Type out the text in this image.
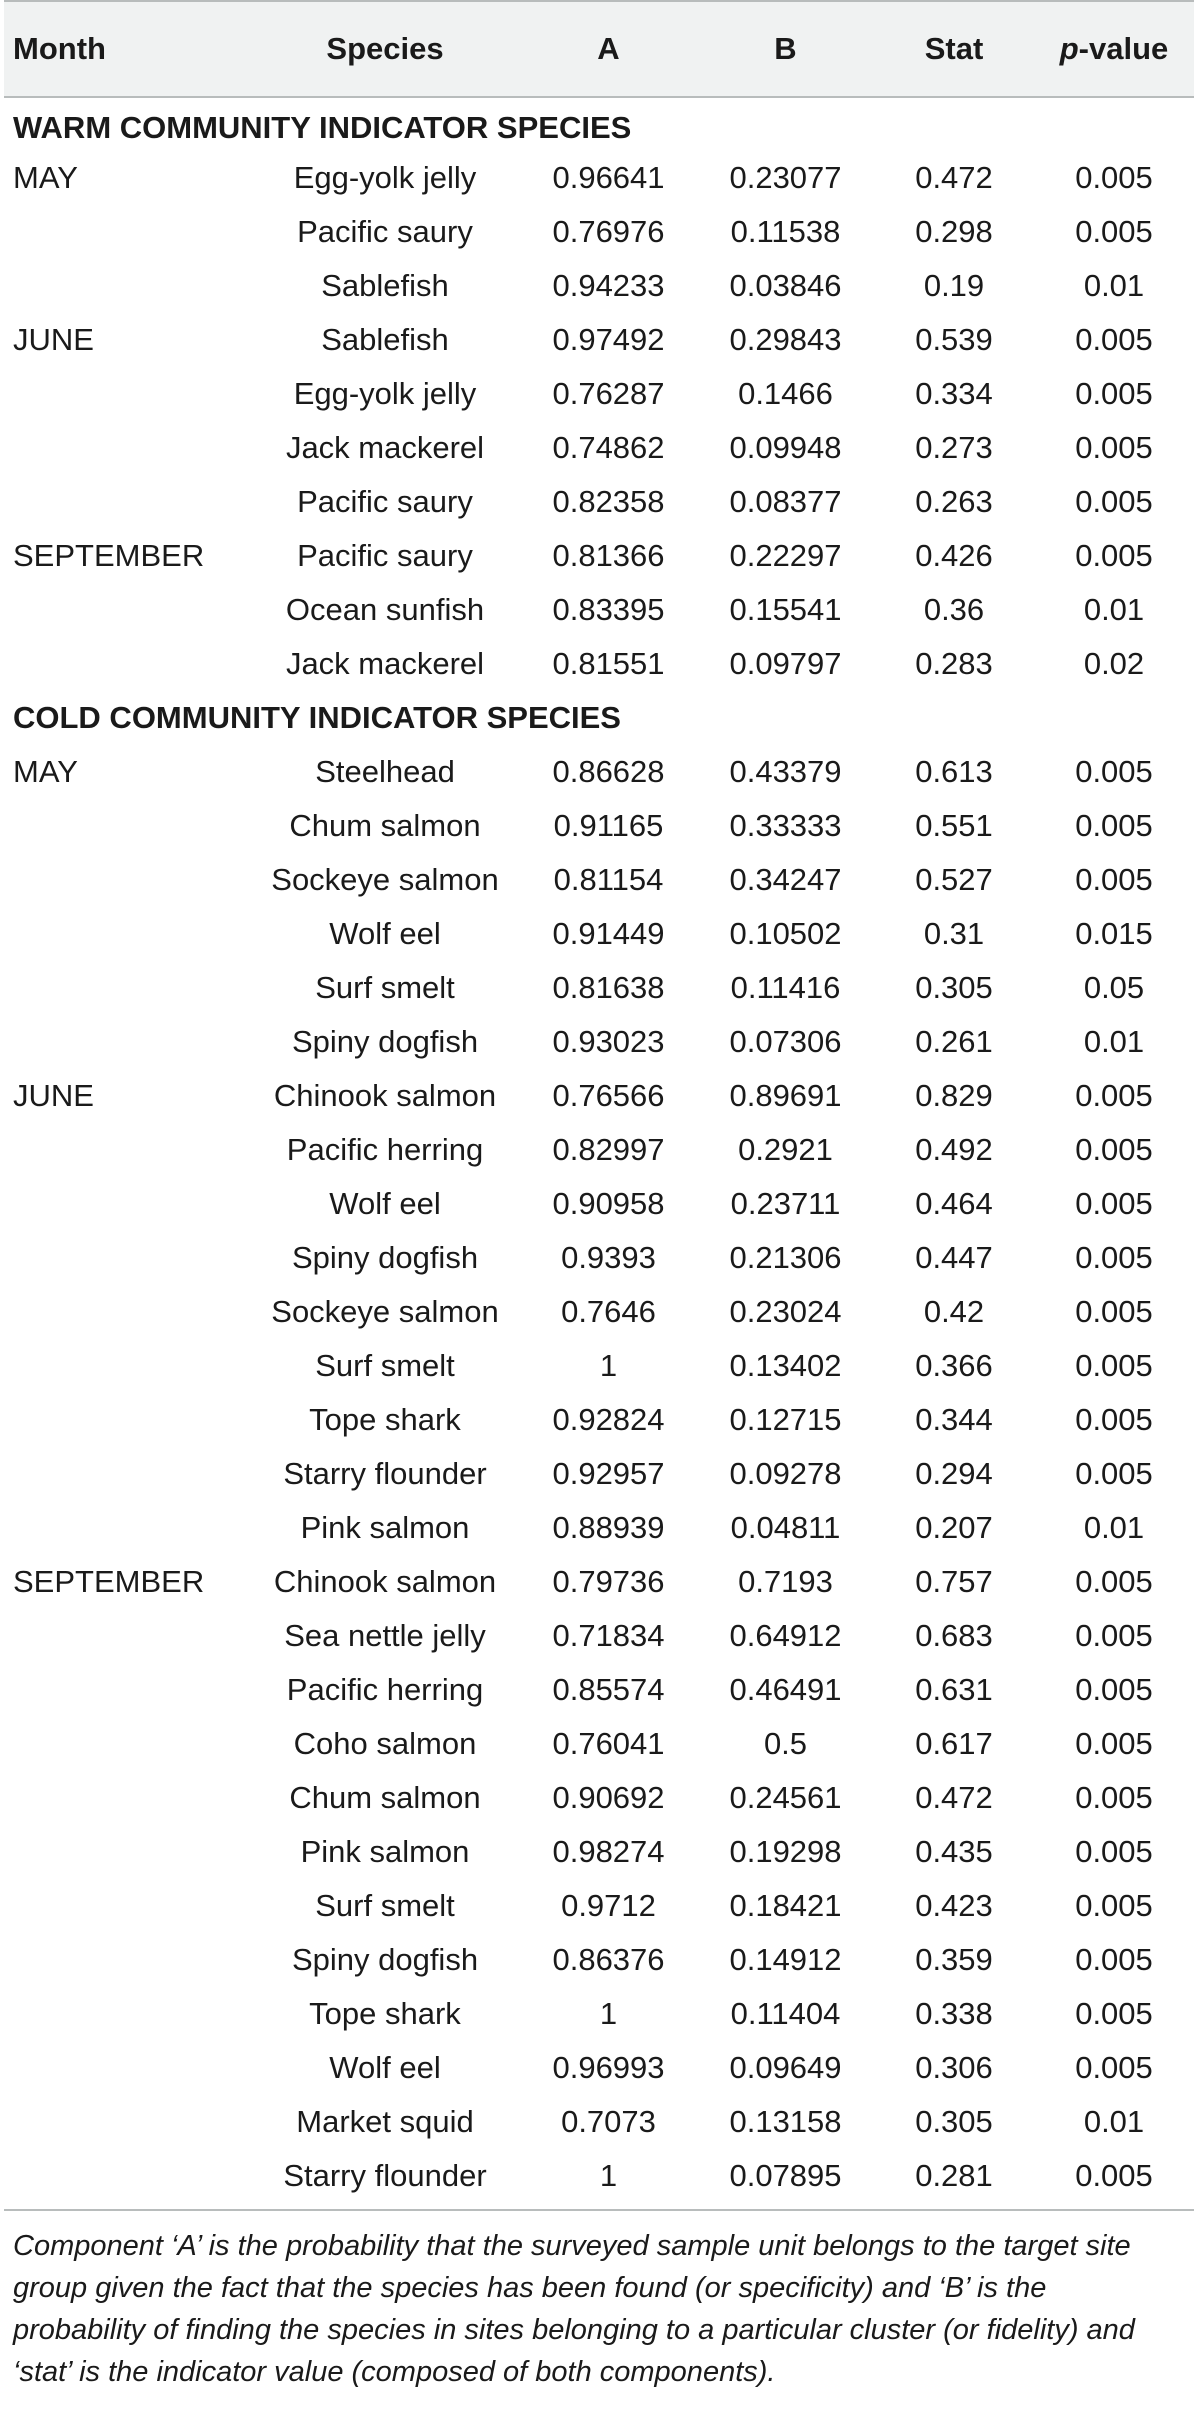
Month	Species	A	B	Stat	p-value
WARM COMMUNITY INDICATOR SPECIES					
MAY	Egg-yolk jelly	0.96641	0.23077	0.472	0.005
	Pacific saury	0.76976	0.11538	0.298	0.005
	Sablefish	0.94233	0.03846	0.19	0.01
JUNE	Sablefish	0.97492	0.29843	0.539	0.005
	Egg-yolk jelly	0.76287	0.1466	0.334	0.005
	Jack mackerel	0.74862	0.09948	0.273	0.005
	Pacific saury	0.82358	0.08377	0.263	0.005
SEPTEMBER	Pacific saury	0.81366	0.22297	0.426	0.005
	Ocean sunfish	0.83395	0.15541	0.36	0.01
	Jack mackerel	0.81551	0.09797	0.283	0.02
COLD COMMUNITY INDICATOR SPECIES					
MAY	Steelhead	0.86628	0.43379	0.613	0.005
	Chum salmon	0.91165	0.33333	0.551	0.005
	Sockeye salmon	0.81154	0.34247	0.527	0.005
	Wolf eel	0.91449	0.10502	0.31	0.015
	Surf smelt	0.81638	0.11416	0.305	0.05
	Spiny dogfish	0.93023	0.07306	0.261	0.01
JUNE	Chinook salmon	0.76566	0.89691	0.829	0.005
	Pacific herring	0.82997	0.2921	0.492	0.005
	Wolf eel	0.90958	0.23711	0.464	0.005
	Spiny dogfish	0.9393	0.21306	0.447	0.005
	Sockeye salmon	0.7646	0.23024	0.42	0.005
	Surf smelt	1	0.13402	0.366	0.005
	Tope shark	0.92824	0.12715	0.344	0.005
	Starry flounder	0.92957	0.09278	0.294	0.005
	Pink salmon	0.88939	0.04811	0.207	0.01
SEPTEMBER	Chinook salmon	0.79736	0.7193	0.757	0.005
	Sea nettle jelly	0.71834	0.64912	0.683	0.005
	Pacific herring	0.85574	0.46491	0.631	0.005
	Coho salmon	0.76041	0.5	0.617	0.005
	Chum salmon	0.90692	0.24561	0.472	0.005
	Pink salmon	0.98274	0.19298	0.435	0.005
	Surf smelt	0.9712	0.18421	0.423	0.005
	Spiny dogfish	0.86376	0.14912	0.359	0.005
	Tope shark	1	0.11404	0.338	0.005
	Wolf eel	0.96993	0.09649	0.306	0.005
	Market squid	0.7073	0.13158	0.305	0.01
	Starry flounder	1	0.07895	0.281	0.005
Component ‘A’ is the probability that the surveyed sample unit belongs to the target site group given the fact that the species has been found (or specificity) and ‘B’ is the probability of finding the species in sites belonging to a particular cluster (or fidelity) and ‘stat’ is the indicator value (composed of both components).
